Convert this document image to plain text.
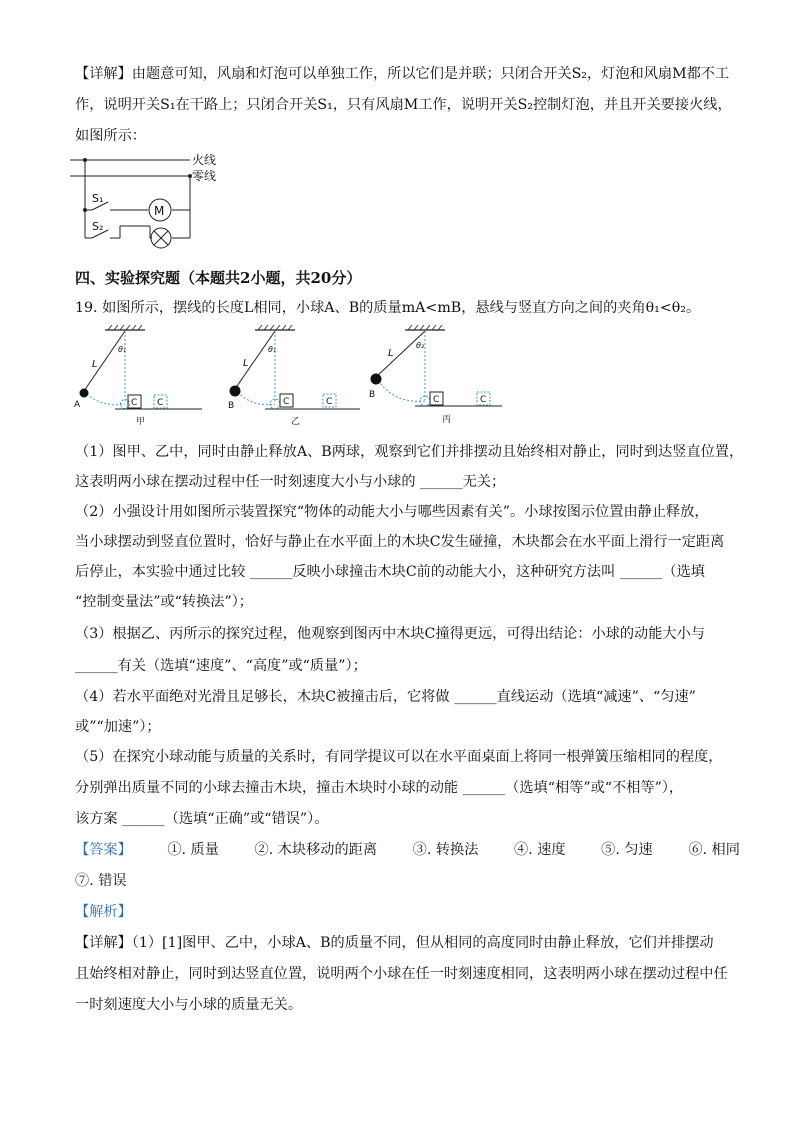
【详解】由题意可知，风扇和灯泡可以单独工作，所以它们是并联；只闭合开关S₂，灯泡和风扇M都不工
作，说明开关S₁在干路上；只闭合开关S₁，只有风扇M工作，说明开关S₂控制灯泡，并且开关要接火线，
如图所示：
火线
零线
S₁
S₂
M
四、实验探究题（本题共2小题，共20分）
19. 如图所示，摆线的长度L相同，小球A、B的质量mA<mB，悬线与竖直方向之间的夹角θ₁<θ₂。
L
θ₁
A	C C
甲
L
θ₁
B	C	C
乙
L
θ₂
B	C	C
丙
（1）图甲、乙中，同时由静止释放A、B两球，观察到它们并排摆动且始终相对静止，同时到达竖直位置，
这表明两小球在摆动过程中任一时刻速度大小与小球的 ______无关；
（2）小强设计用如图所示装置探究“物体的动能大小与哪些因素有关”。小球按图示位置由静止释放，
当小球摆动到竖直位置时，恰好与静止在水平面上的木块C发生碰撞，木块都会在水平面上滑行一定距离
后停止，本实验中通过比较 ______反映小球撞击木块C前的动能大小，这种研究方法叫 ______（选填
“控制变量法”或“转换法”）；
（3）根据乙、丙所示的探究过程，他观察到图丙中木块C撞得更远，可得出结论：小球的动能大小与
______有关（选填“速度”、“高度”或“质量”）；
（4）若水平面绝对光滑且足够长，木块C被撞击后，它将做 ______直线运动（选填“减速”、“匀速”
或”“加速”）；
（5）在探究小球动能与质量的关系时，有同学提议可以在水平面桌面上将同一根弹簧压缩相同的程度，
分别弹出质量不同的小球去撞击木块，撞击木块时小球的动能 ______（选填“相等”或“不相等”），
该方案 ______（选填“正确”或“错误”）。
【答案】	①. 质量	②. 木块移动的距离	③. 转换法	④. 速度	⑤. 匀速	⑥. 相同
⑦. 错误
【解析】
【详解】（1）[1]图甲、乙中，小球A、B的质量不同，但从相同的高度同时由静止释放，它们并排摆动
且始终相对静止，同时到达竖直位置，说明两个小球在任一时刻速度相同，这表明两小球在摆动过程中任
一时刻速度大小与小球的质量无关。
